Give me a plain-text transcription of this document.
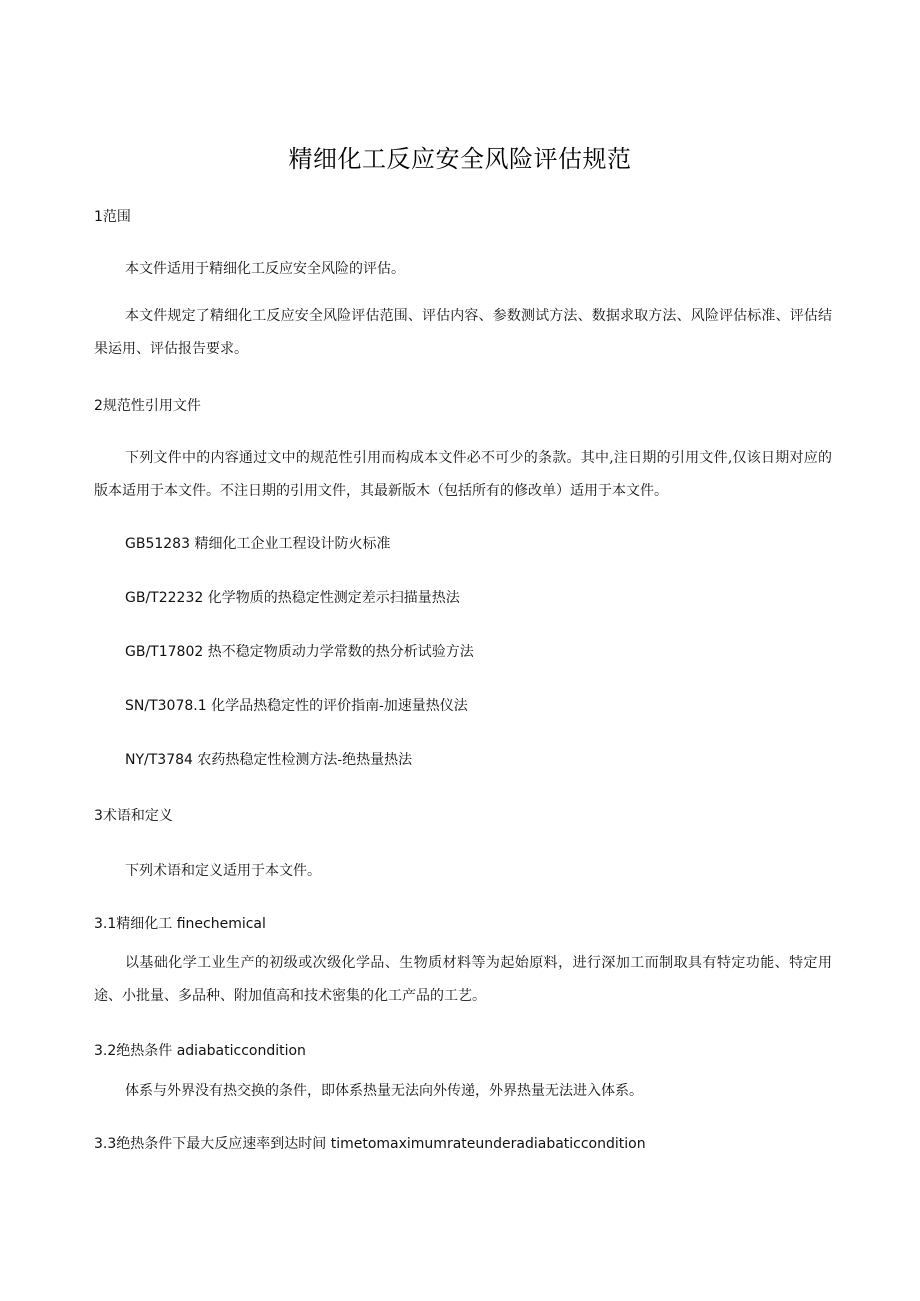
精细化工反应安全风险评估规范
1范围
本文件适用于精细化工反应安全风险的评估。
本文件规定了精细化工反应安全风险评估范围、评估内容、参数测试方法、数据求取方法、风险评估标准、评估结果运用、评估报告要求。
2规范性引用文件
下列文件中的内容通过文中的规范性引用而构成本文件必不可少的条款。其中,注日期的引用文件,仅该日期对应的版本适用于本文件。不注日期的引用文件，其最新版木（包括所有的修改单）适用于本文件。
GB51283 精细化工企业工程设计防火标准
GB/T22232 化学物质的热稳定性测定差示扫描量热法
GB/T17802 热不稳定物质动力学常数的热分析试验方法
SN/T3078.1 化学品热稳定性的评价指南-加速量热仪法
NY/T3784 农药热稳定性检测方法-绝热量热法
3术语和定义
下列术语和定义适用于本文件。
3.1精细化工 finechemical
以基础化学工业生产的初级或次级化学品、生物质材料等为起始原料，进行深加工而制取具有特定功能、特定用途、小批量、多品种、附加值高和技术密集的化工产品的工艺。
3.2绝热条件 adiabaticcondition
体系与外界没有热交换的条件，即体系热量无法向外传递，外界热量无法进入体系。
3.3绝热条件下最大反应速率到达时间 timetomaximumrateunderadiabaticcondition
